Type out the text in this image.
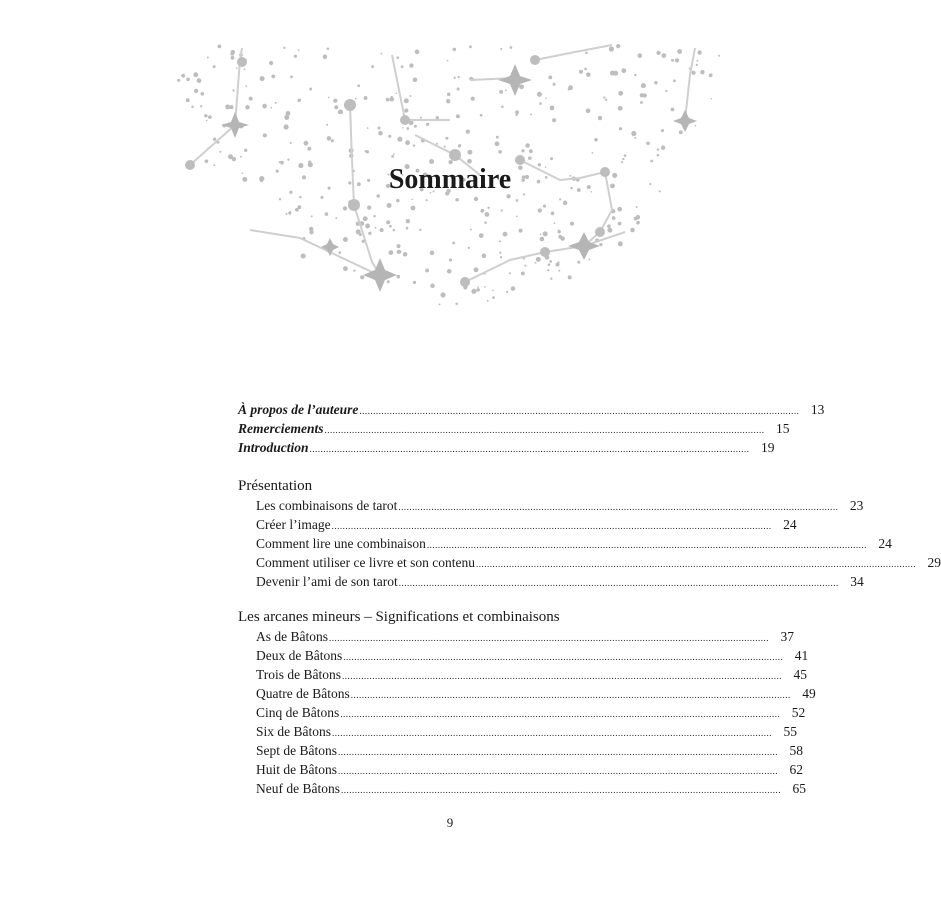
Sommaire
À propos de l’auteure ................................................................................................................................................................ 13
Remerciements ................................................................................................................................................................ 15
Introduction ................................................................................................................................................................ 19
Présentation
Les combinaisons de tarot ................................................................................................................................................................ 23
Créer l’image ................................................................................................................................................................ 24
Comment lire une combinaison ................................................................................................................................................................ 24
Comment utiliser ce livre et son contenu ................................................................................................................................................................ 29
Devenir l’ami de son tarot ................................................................................................................................................................ 34
Les arcanes mineurs – Significations et combinaisons
As de Bâtons ................................................................................................................................................................ 37
Deux de Bâtons ................................................................................................................................................................ 41
Trois de Bâtons ................................................................................................................................................................ 45
Quatre de Bâtons ................................................................................................................................................................ 49
Cinq de Bâtons ................................................................................................................................................................ 52
Six de Bâtons ................................................................................................................................................................ 55
Sept de Bâtons ................................................................................................................................................................ 58
Huit de Bâtons ................................................................................................................................................................ 62
Neuf de Bâtons ................................................................................................................................................................ 65
9
